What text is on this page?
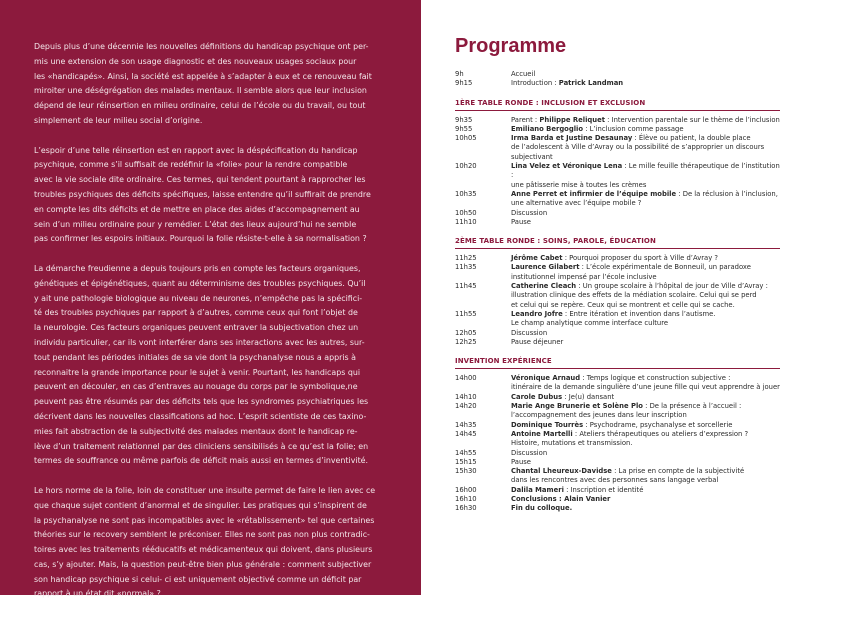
Depuis plus d’une décennie les nouvelles définitions du handicap psychique ont per-
mis une extension de son usage diagnostic et des nouveaux usages sociaux pour
les «handicapés». Ainsi, la société est appelée à s’adapter à eux et ce renouveau fait
miroiter une déségrégation des malades mentaux. Il semble alors que leur inclusion
dépend de leur réinsertion en milieu ordinaire, celui de l’école ou du travail, ou tout
simplement de leur milieu social d’origine.

L’espoir d’une telle réinsertion est en rapport avec la déspécification du handicap
psychique, comme s’il suffisait de redéfinir la «folie» pour la rendre compatible
avec la vie sociale dite ordinaire. Ces termes, qui tendent pourtant à rapprocher les
troubles psychiques des déficits spécifiques, laisse entendre qu’il suffirait de prendre
en compte les dits déficits et de mettre en place des aides d’accompagnement au
sein d’un milieu ordinaire pour y remédier. L’état des lieux aujourd’hui ne semble
pas confirmer les espoirs initiaux. Pourquoi la folie résiste-t-elle à sa normalisation ?

La démarche freudienne a depuis toujours pris en compte les facteurs organiques,
génétiques et épigénétiques, quant au déterminisme des troubles psychiques. Qu’il
y ait une pathologie biologique au niveau de neurones, n’empêche pas la spécifici-
té des troubles psychiques par rapport à d’autres, comme ceux qui font l’objet de
la neurologie. Ces facteurs organiques peuvent entraver la subjectivation chez un
individu particulier, car ils vont interférer dans ses interactions avec les autres, sur-
tout pendant les périodes initiales de sa vie dont la psychanalyse nous a appris à
reconnaitre la grande importance pour le sujet à venir. Pourtant, les handicaps qui
peuvent en découler, en cas d’entraves au nouage du corps par le symbolique,ne
peuvent pas être résumés par des déficits tels que les syndromes psychiatriques les
décrivent dans les nouvelles classifications ad hoc. L’esprit scientiste de ces taxino-
mies fait abstraction de la subjectivité des malades mentaux dont le handicap re-
lève d’un traitement relationnel par des cliniciens sensibilisés à ce qu’est la folie; en
termes de souffrance ou même parfois de déficit mais aussi en termes d’inventivité.

Le hors norme de la folie, loin de constituer une insulte permet de faire le lien avec ce
que chaque sujet contient d’anormal et de singulier. Les pratiques qui s’inspirent de
la psychanalyse ne sont pas incompatibles avec le «rétablissement» tel que certaines
théories sur le recovery semblent le préconiser. Elles ne sont pas non plus contradic-
toires avec les traitements rééducatifs et médicamenteux qui doivent, dans plusieurs
cas, s’y ajouter. Mais, la question peut-être bien plus générale : comment subjectiver
son handicap psychique si celui- ci est uniquement objectivé comme un déficit par
rapport à un état dit «normal» ?

Programme
9h	Accueil
9h15	Introduction : Patrick Landman
1ÈRE TABLE RONDE : INCLUSION ET EXCLUSION
9h35	Parent : Philippe Reliquet : Intervention parentale sur le thème de l’inclusion
9h55	Emiliano Bergoglio : L’inclusion comme passage
10h05	Irma Barda et Justine Desaunay : Élève ou patient, la double place
de l’adolescent à Ville d’Avray ou la possibilité de s’approprier un discours
subjectivant
10h20	Lina Velez et Véronique Lena : Le mille feuille thérapeutique de l’institution :
une pâtisserie mise à toutes les crèmes
10h35	Anne Perret et infirmier de l’équipe mobile : De la réclusion à l’inclusion,
une alternative avec l’équipe mobile ?
10h50	Discussion
11h10	Pause
2ÈME TABLE RONDE : SOINS, PAROLE, ÉDUCATION
11h25	Jérôme Cabet : Pourquoi proposer du sport à Ville d’Avray ?
11h35	Laurence Gilabert : L’école expérimentale de Bonneuil, un paradoxe
institutionnel impensé par l’école inclusive
11h45	Catherine Cleach : Un groupe scolaire à l’hôpital de jour de Ville d’Avray :
illustration clinique des effets de la médiation scolaire. Celui qui se perd
et celui qui se repère. Ceux qui se montrent et celle qui se cache.
11h55	Leandro Jofre : Entre itération et invention dans l’autisme.
Le champ analytique comme interface culture
12h05	Discussion
12h25	Pause déjeuner
INVENTION EXPÉRIENCE
14h00	Véronique Arnaud : Temps logique et construction subjective :
itinéraire de la demande singulière d’une jeune fille qui veut apprendre à jouer
14h10	Carole Dubus : Je(u) dansant
14h20	Marie Ange Brunerie et Solène Plo : De la présence à l’accueil :
l’accompagnement des jeunes dans leur inscription
14h35	Dominique Tourrès : Psychodrame, psychanalyse et sorcellerie
14h45	Antoine Martelli : Ateliers thérapeutiques ou ateliers d’expression ?
Histoire, mutations et transmission.
14h55	Discussion
15h15	Pause
15h30	Chantal Lheureux-Davidse : La prise en compte de la subjectivité
dans les rencontres avec des personnes sans langage verbal
16h00	Dalila Mameri : Inscription et identité
16h10	Conclusions : Alain Vanier
16h30	Fin du colloque.
